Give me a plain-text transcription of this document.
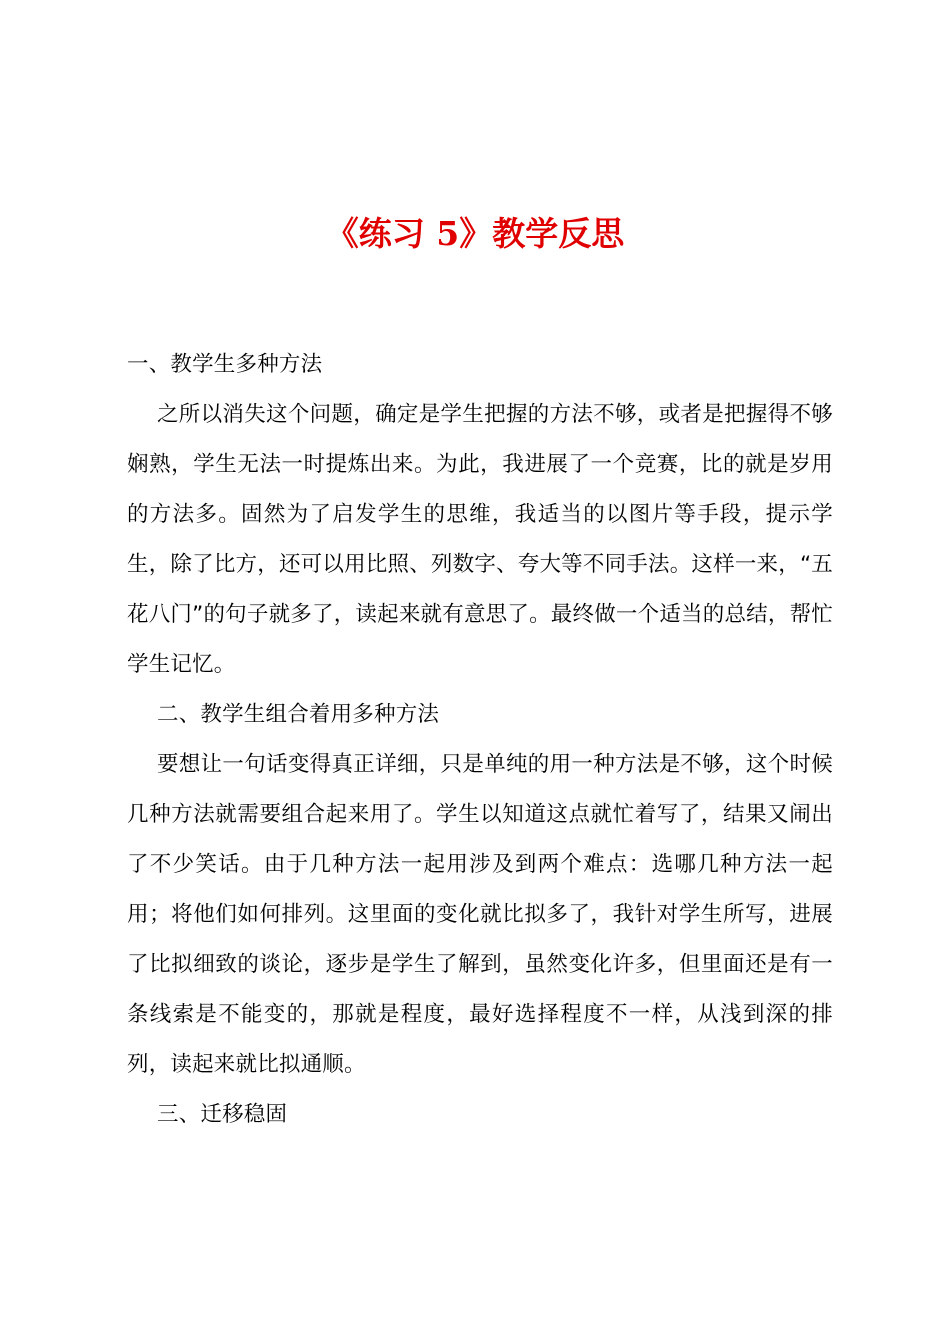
《练习 5》教学反思

一、教学生多种方法

之所以消失这个问题，确定是学生把握的方法不够，或者是把握得不够娴熟，学生无法一时提炼出来。为此，我进展了一个竞赛，比的就是岁用的方法多。固然为了启发学生的思维，我适当的以图片等手段，提示学生，除了比方，还可以用比照、列数字、夸大等不同手法。这样一来，“五花八门”的句子就多了，读起来就有意思了。最终做一个适当的总结，帮忙学生记忆。

二、教学生组合着用多种方法

要想让一句话变得真正详细，只是单纯的用一种方法是不够，这个时候几种方法就需要组合起来用了。学生以知道这点就忙着写了，结果又闹出了不少笑话。由于几种方法一起用涉及到两个难点：选哪几种方法一起用；将他们如何排列。这里面的变化就比拟多了，我针对学生所写，进展了比拟细致的谈论，逐步是学生了解到，虽然变化许多，但里面还是有一条线索是不能变的，那就是程度，最好选择程度不一样，从浅到深的排列，读起来就比拟通顺。

三、迁移稳固
